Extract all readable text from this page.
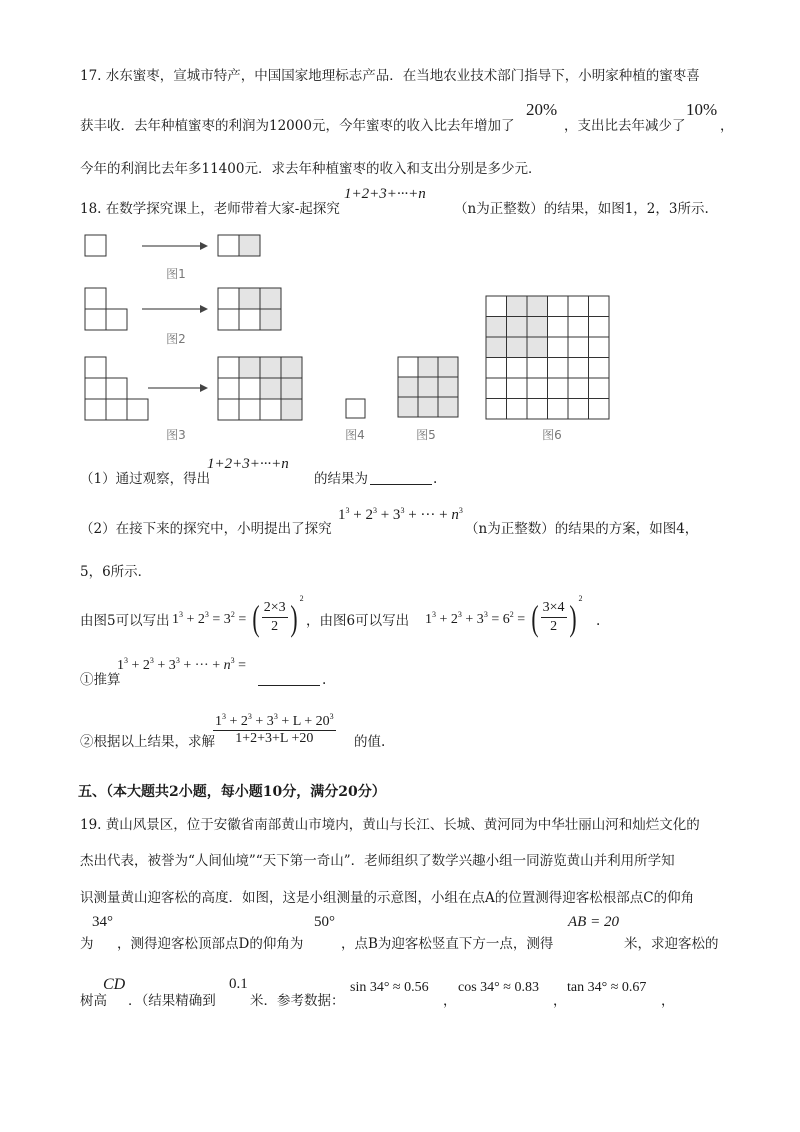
17. 水东蜜枣，宣城市特产，中国国家地理标志产品．在当地农业技术部门指导下，小明家种植的蜜枣喜
获丰收．去年种植蜜枣的利润为12000元，今年蜜枣的收入比去年增加了
20%
，支出比去年减少了
10%
，
今年的利润比去年多11400元．求去年种植蜜枣的收入和支出分别是多少元．
18. 在数学探究课上，老师带着大家-起探究
1+2+3+···+n
（n为正整数）的结果，如图1，2，3所示.
图1
图2
图3	图4	图5	图6
（1）通过观察，得出
1+2+3+···+n
的结果为	.
（2）在接下来的探究中，小明提出了探究
$1^3 + 2^3 + 3^3$ + ··· + $n^3$
（n为正整数）的结果的方案，如图4，
5，6所示．
由图5可以写出 $1^3 + 2^3 = 3^2$ = ( $\frac{2\times 3}{2}$ ) $^2$
，由图6可以写出 $1^3 + 2^3 + 3^3 = 6^2$ = ( $\frac{3\times 4}{2}$ ) $^2$
.
①推算
$1^3 + 2^3 + 3^3$ + ··· + $n^3$ =
.
②根据以上结果，求解
$\frac{1^3 + 2^3 + 3^3 + L + 20^3}{1+2+3+L +20}$ 的值.
五、（本大题共2小题，每小题10分，满分20分）
19. 黄山风景区，位于安徽省南部黄山市境内，黄山与长江、长城、黄河同为中华壮丽山河和灿烂文化的
杰出代表，被誉为“人间仙境”“天下第一奇山”．老师组织了数学兴趣小组一同游览黄山并利用所学知
识测量黄山迎客松的高度．如图，这是小组测量的示意图，小组在点A的位置测得迎客松根部点C的仰角
为
34°
，测得迎客松顶部点D的仰角为
50°
，点B为迎客松竖直下方一点，测得
AB = 20
米，求迎客松的
树高
CD
．（结果精确到
0.1
米．参考数据：
sin 34° ≈ 0.56
，
cos 34° ≈ 0.83
，
tan 34° ≈ 0.67
，
